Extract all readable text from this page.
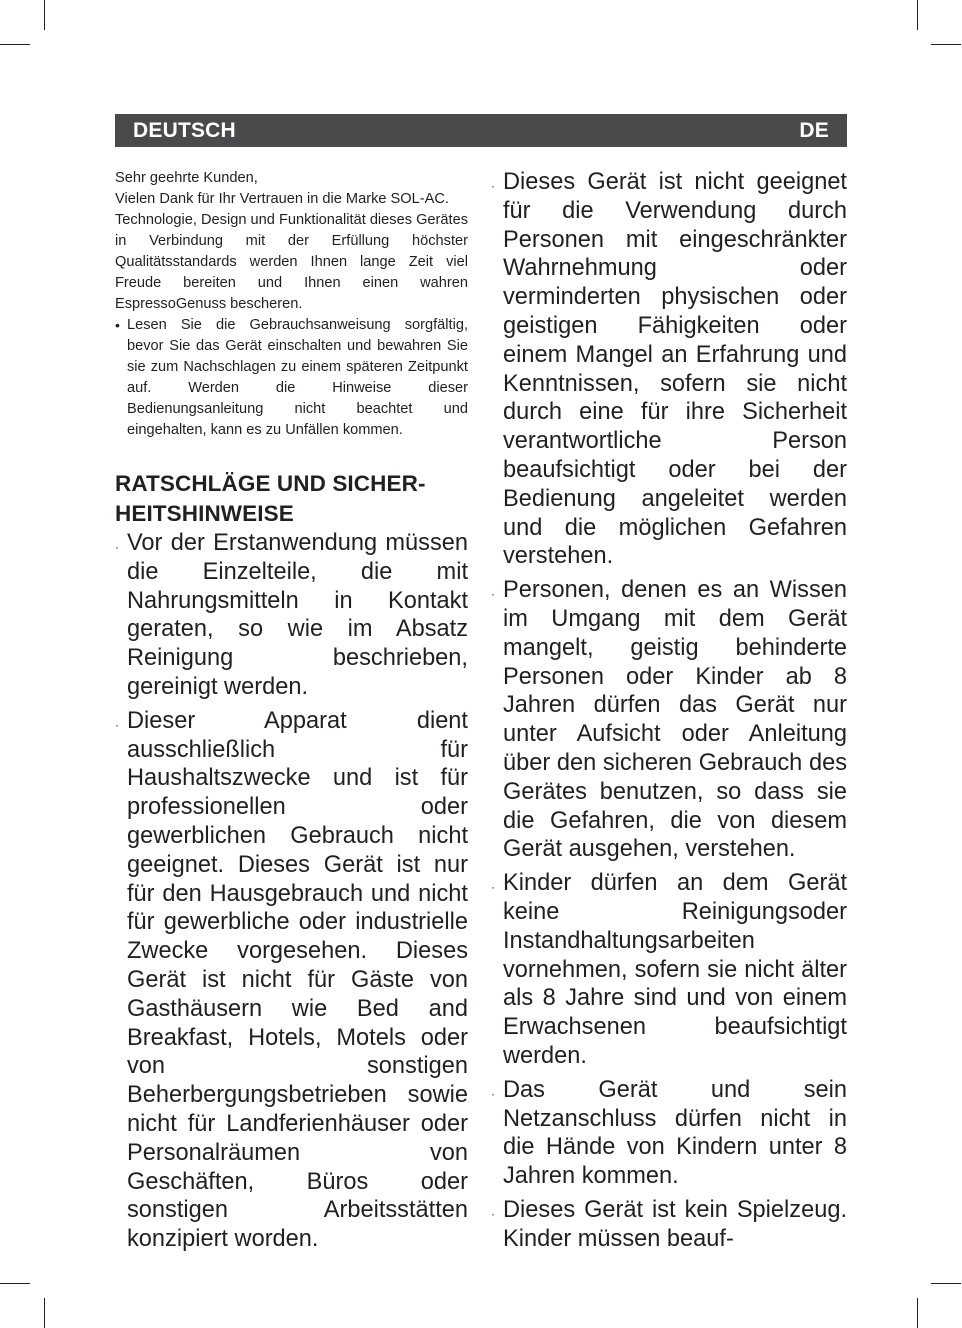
DEUTSCH	DE

Sehr geehrte Kunden,

Vielen Dank für Ihr Vertrauen in die Marke SOL-AC.

Technologie, Design und Funktionalität dieses Gerätes in Verbindung mit der Erfüllung höchster Qualitätsstandards werden Ihnen lange Zeit viel Freude bereiten und Ihnen einen wahren EspressoGenuss bescheren.

• Lesen Sie die Gebrauchsanweisung sorgfältig, bevor Sie das Gerät einschalten und bewahren Sie sie zum Nachschlagen zu einem späteren Zeitpunkt auf. Werden die Hinweise dieser Bedienungsanleitung nicht beachtet und eingehalten, kann es zu Unfällen kommen.
RATSCHLÄGE UND SICHER-
HEITSHINWEISE
· Vor der Erstanwendung müssen die Einzelteile, die mit Nahrungsmitteln in Kontakt geraten, so wie im Absatz Reinigung beschrieben, gereinigt werden.
· Dieser Apparat dient ausschließlich für Haushaltszwecke und ist für professionellen oder gewerblichen Gebrauch nicht geeignet. Dieses Gerät ist nur für den Hausgebrauch und nicht für gewerbliche oder industrielle Zwecke vorgesehen. Dieses Gerät ist nicht für Gäste von Gasthäusern wie Bed and Breakfast, Hotels, Motels oder von sonstigen Beherbergungsbetrieben sowie nicht für Landferienhäuser oder Personalräumen von Geschäften, Büros oder sonstigen Arbeitsstätten konzipiert worden.
· Dieses Gerät ist nicht geeignet für die Verwendung durch Personen mit eingeschränkter Wahrnehmung oder verminderten physischen oder geistigen Fähigkeiten oder einem Mangel an Erfahrung und Kenntnissen, sofern sie nicht durch eine für ihre Sicherheit verantwortliche Person beaufsichtigt oder bei der Bedienung angeleitet werden und die möglichen Gefahren verstehen.
· Personen, denen es an Wissen im Umgang mit dem Gerät mangelt, geistig behinderte Personen oder Kinder ab 8 Jahren dürfen das Gerät nur unter Aufsicht oder Anleitung über den sicheren Gebrauch des Gerätes benutzen, so dass sie die Gefahren, die von diesem Gerät ausgehen, verstehen.
· Kinder dürfen an dem Gerät keine Reinigungsoder Instandhaltungsarbeiten vornehmen, sofern sie nicht älter als 8 Jahre sind und von einem Erwachsenen beaufsichtigt werden.
· Das Gerät und sein Netzanschluss dürfen nicht in die Hände von Kindern unter 8 Jahren kommen.
· Dieses Gerät ist kein Spielzeug. Kinder müssen beauf-
